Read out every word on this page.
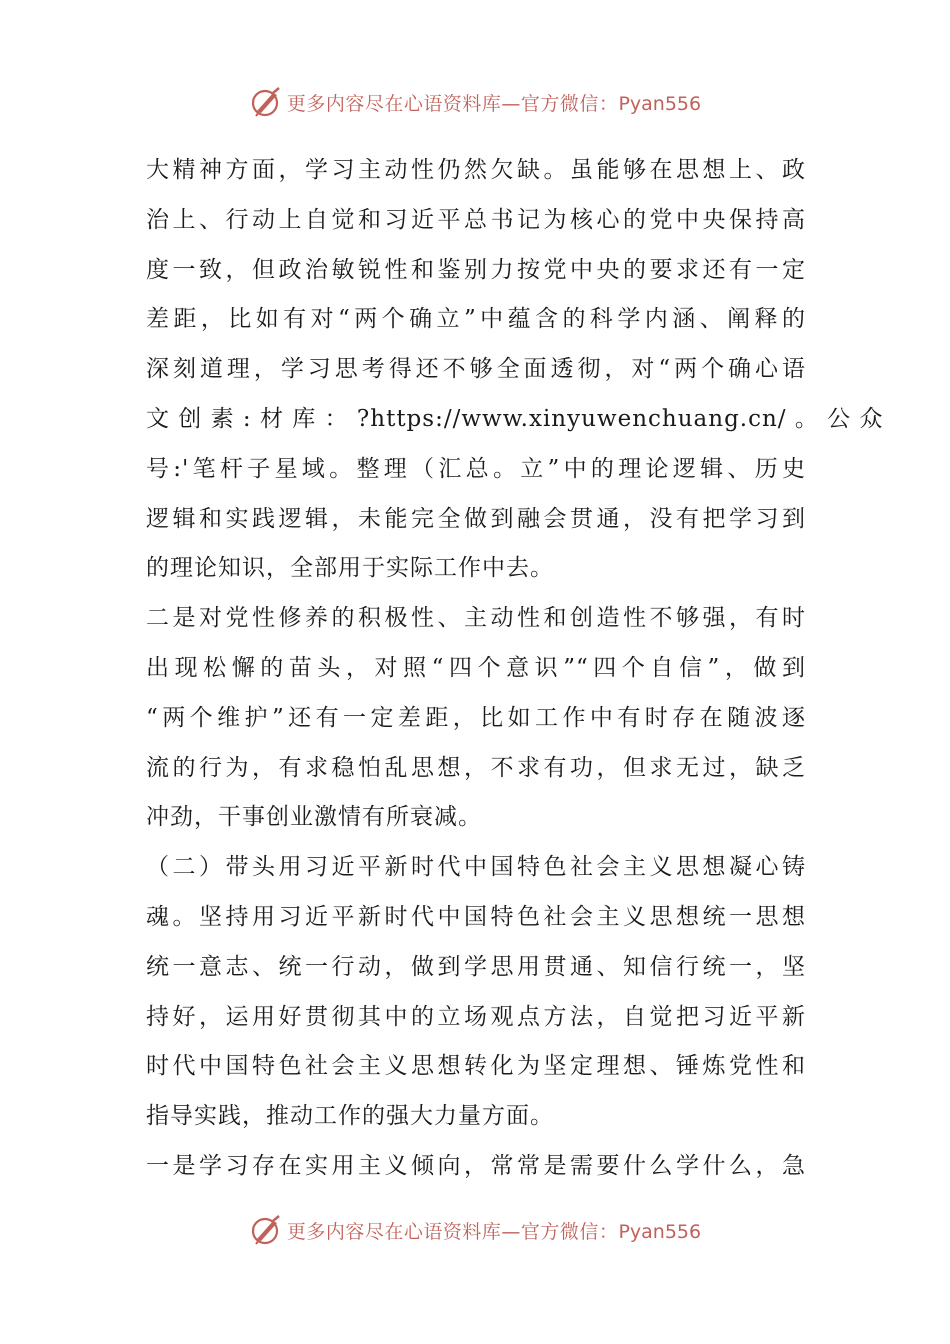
更多内容尽在心语资料库—官方微信：Pyan556
大精神方面，学习主动性仍然欠缺。虽能够在思想上、政
治上、行动上自觉和习近平总书记为核心的党中央保持高
度一致，但政治敏锐性和鉴别力按党中央的要求还有一定
差距，比如有对“两个确立”中蕴含的科学内涵、阐释的
深刻道理，学习思考得还不够全面透彻，对“两个确心语
文 创 素 : 材 库 ： ?https://www.xinyuwenchuang.cn/ 。 公 众
号:'笔杆子星域。整理（汇总。立”中的理论逻辑、历史
逻辑和实践逻辑，未能完全做到融会贯通，没有把学习到
的理论知识，全部用于实际工作中去。
二是对党性修养的积极性、主动性和创造性不够强，有时
出现松懈的苗头，对照“四个意识”“四个自信”，做到
“两个维护”还有一定差距，比如工作中有时存在随波逐
流的行为，有求稳怕乱思想，不求有功，但求无过，缺乏
冲劲，干事创业激情有所衰减。
（二）带头用习近平新时代中国特色社会主义思想凝心铸
魂。坚持用习近平新时代中国特色社会主义思想统一思想
统一意志、统一行动，做到学思用贯通、知信行统一，坚
持好，运用好贯彻其中的立场观点方法，自觉把习近平新
时代中国特色社会主义思想转化为坚定理想、锤炼党性和
指导实践，推动工作的强大力量方面。
一是学习存在实用主义倾向，常常是需要什么学什么，急
更多内容尽在心语资料库—官方微信：Pyan556
